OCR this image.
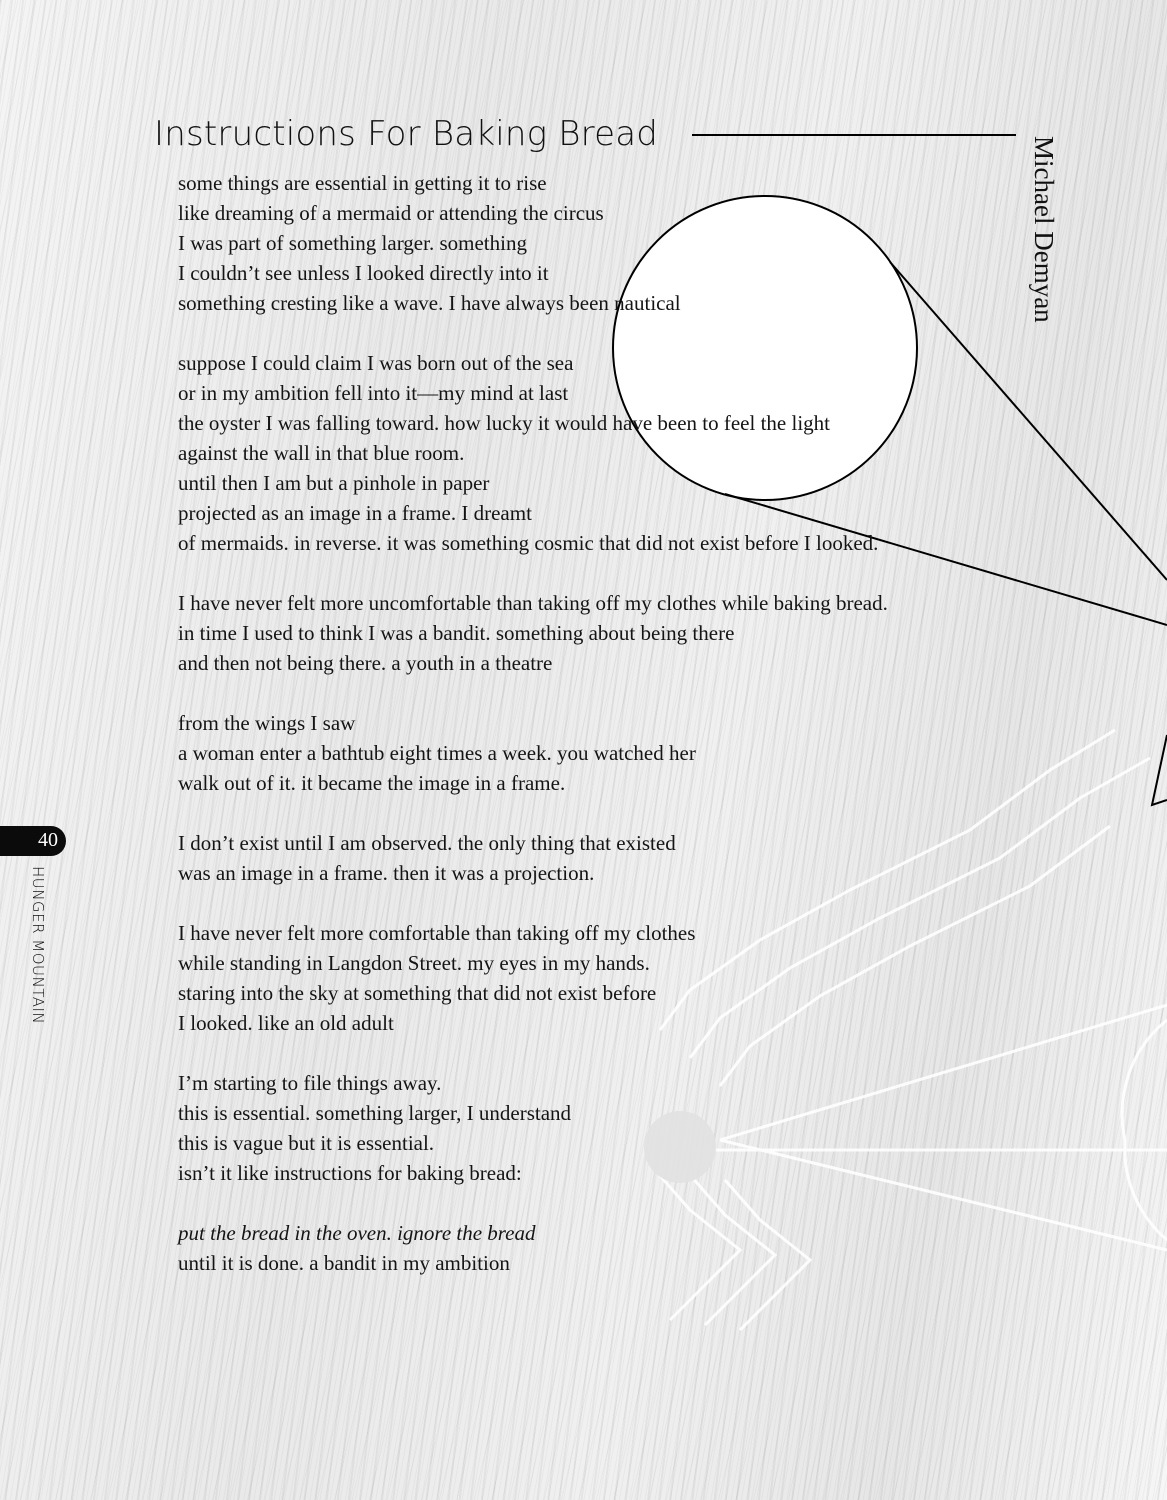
Instructions For Baking Bread
Michael Demyan
some things are essential in getting it to rise
like dreaming of a mermaid or attending the circus
I was part of something larger. something
I couldn’t see unless I looked directly into it
something cresting like a wave. I have always been nautical
suppose I could claim I was born out of the sea
or in my ambition fell into it—my mind at last
the oyster I was falling toward. how lucky it would have been to feel the light
against the wall in that blue room.
until then I am but a pinhole in paper
projected as an image in a frame. I dreamt
of mermaids. in reverse. it was something cosmic that did not exist before I looked.
I have never felt more uncomfortable than taking off my clothes while baking bread.
in time I used to think I was a bandit. something about being there
and then not being there. a youth in a theatre
from the wings I saw
a woman enter a bathtub eight times a week. you watched her
walk out of it. it became the image in a frame.
I don’t exist until I am observed. the only thing that existed
was an image in a frame. then it was a projection.
I have never felt more comfortable than taking off my clothes
while standing in Langdon Street. my eyes in my hands.
staring into the sky at something that did not exist before
I looked. like an old adult
I’m starting to file things away.
this is essential. something larger, I understand
this is vague but it is essential.
isn’t it like instructions for baking bread:
put the bread in the oven. ignore the bread
until it is done. a bandit in my ambition
40
HUNGER MOUNTAIN
